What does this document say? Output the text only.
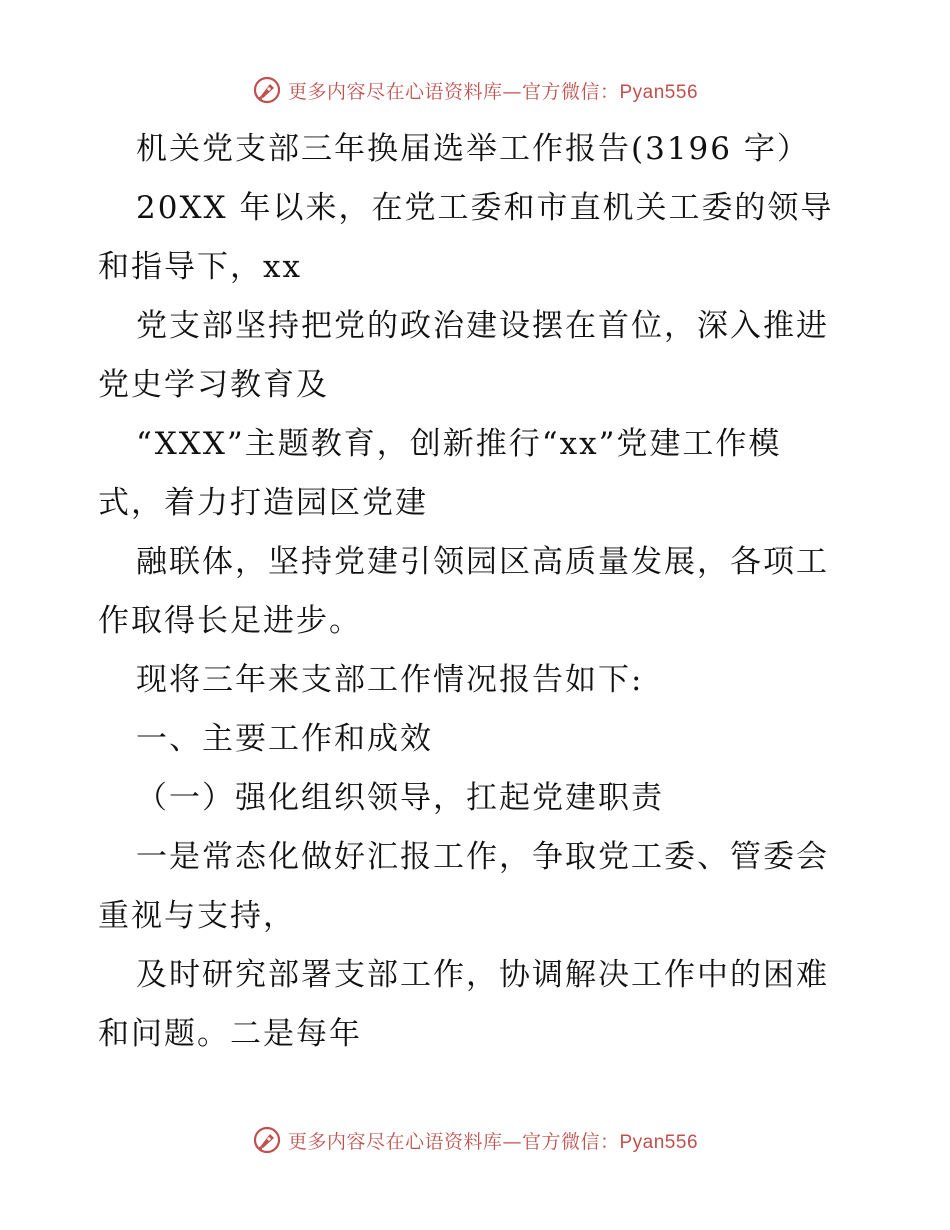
更多内容尽在心语资料库—官方微信：Pyan556
机关党支部三年换届选举工作报告(3196 字）
20XX 年以来，在党工委和市直机关工委的领导
和指导下，xx
党支部坚持把党的政治建设摆在首位，深入推进
党史学习教育及
“XXX”主题教育，创新推行“xx”党建工作模
式，着力打造园区党建
融联体，坚持党建引领园区高质量发展，各项工
作取得长足进步。
现将三年来支部工作情况报告如下:
一、主要工作和成效
（一）强化组织领导，扛起党建职责
一是常态化做好汇报工作，争取党工委、管委会
重视与支持，
及时研究部署支部工作，协调解决工作中的困难
和问题。二是每年
更多内容尽在心语资料库—官方微信：Pyan556
